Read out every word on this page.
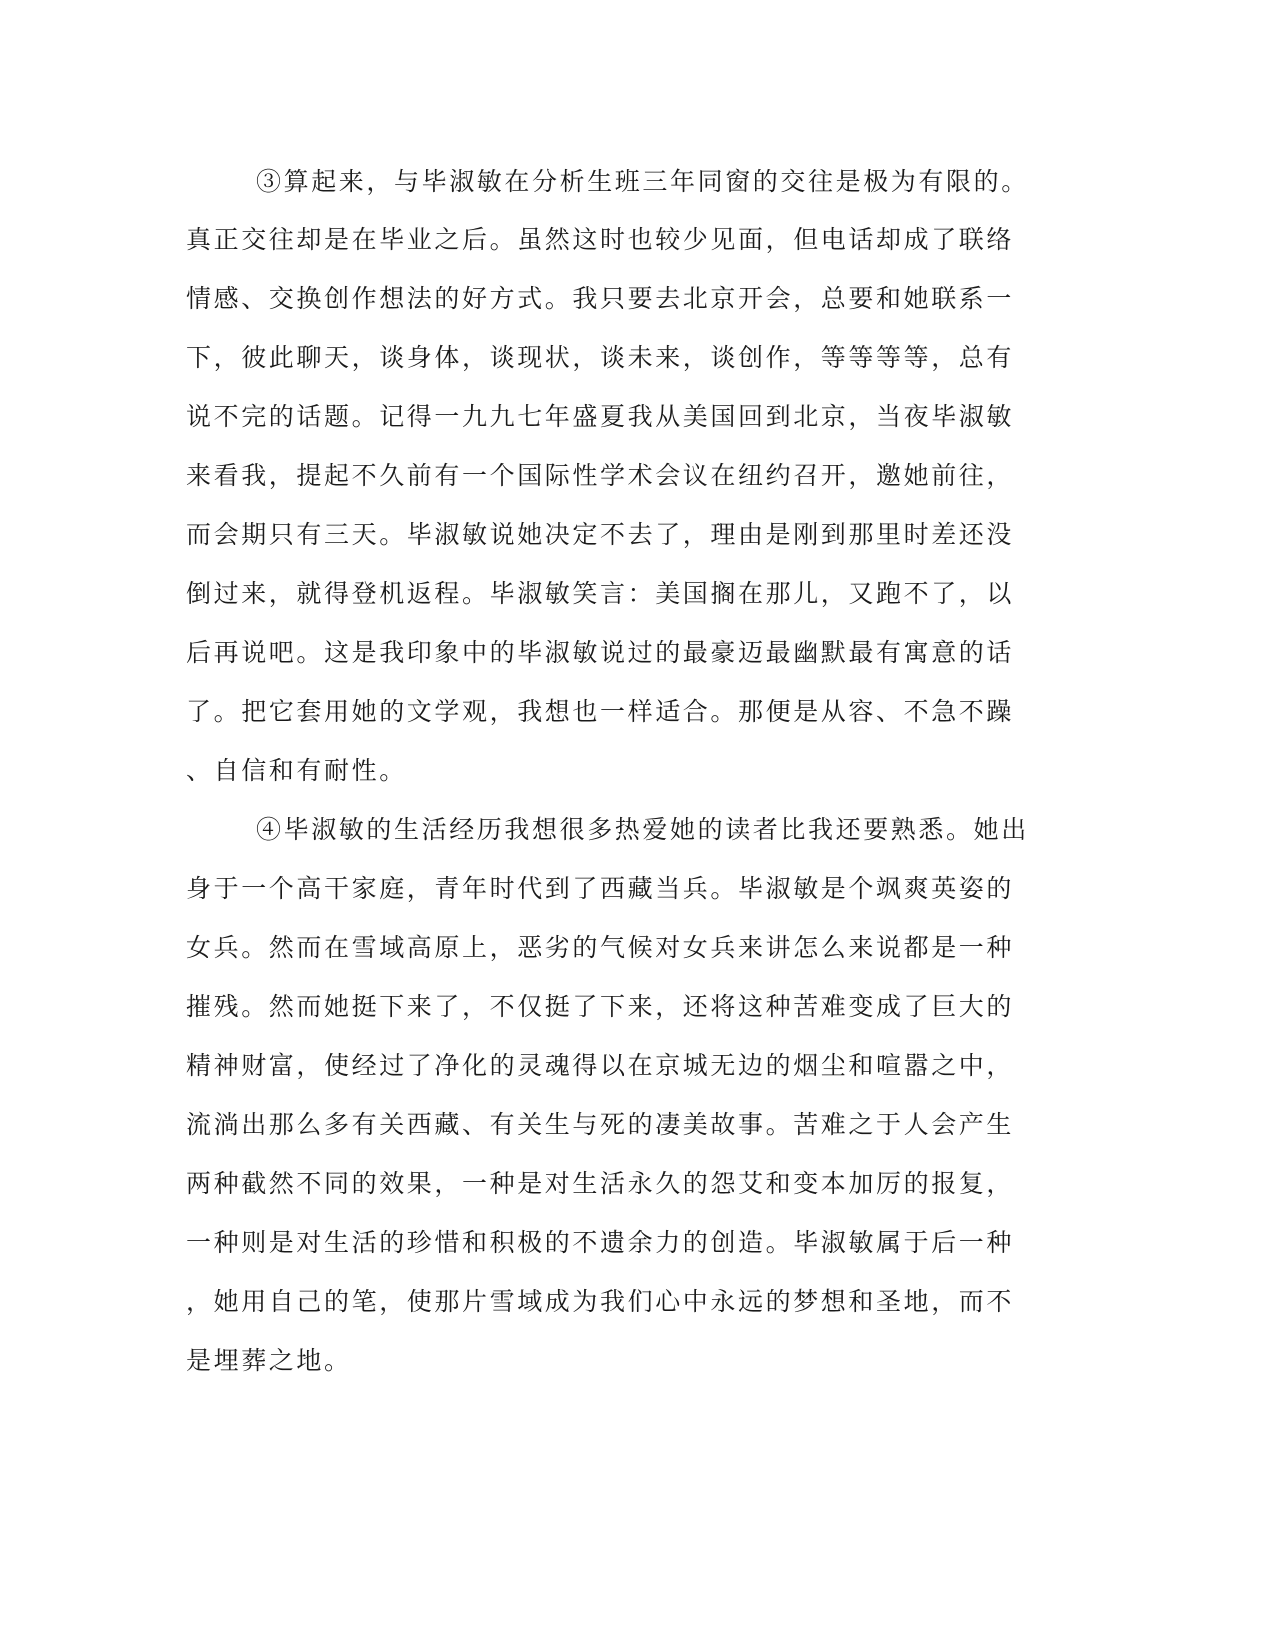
③算起来，与毕淑敏在分析生班三年同窗的交往是极为有限的。

真正交往却是在毕业之后。虽然这时也较少见面，但电话却成了联络

情感、交换创作想法的好方式。我只要去北京开会，总要和她联系一

下，彼此聊天，谈身体，谈现状，谈未来，谈创作，等等等等，总有

说不完的话题。记得一九九七年盛夏我从美国回到北京，当夜毕淑敏

来看我，提起不久前有一个国际性学术会议在纽约召开，邀她前往，

而会期只有三天。毕淑敏说她决定不去了，理由是刚到那里时差还没

倒过来，就得登机返程。毕淑敏笑言：美国搁在那儿，又跑不了，以

后再说吧。这是我印象中的毕淑敏说过的最豪迈最幽默最有寓意的话

了。把它套用她的文学观，我想也一样适合。那便是从容、不急不躁

、自信和有耐性。

④毕淑敏的生活经历我想很多热爱她的读者比我还要熟悉。她出

身于一个高干家庭，青年时代到了西藏当兵。毕淑敏是个飒爽英姿的

女兵。然而在雪域高原上，恶劣的气候对女兵来讲怎么来说都是一种

摧残。然而她挺下来了，不仅挺了下来，还将这种苦难变成了巨大的

精神财富，使经过了净化的灵魂得以在京城无边的烟尘和喧嚣之中，

流淌出那么多有关西藏、有关生与死的凄美故事。苦难之于人会产生

两种截然不同的效果，一种是对生活永久的怨艾和变本加厉的报复，

一种则是对生活的珍惜和积极的不遗余力的创造。毕淑敏属于后一种

，她用自己的笔，使那片雪域成为我们心中永远的梦想和圣地，而不

是埋葬之地。
